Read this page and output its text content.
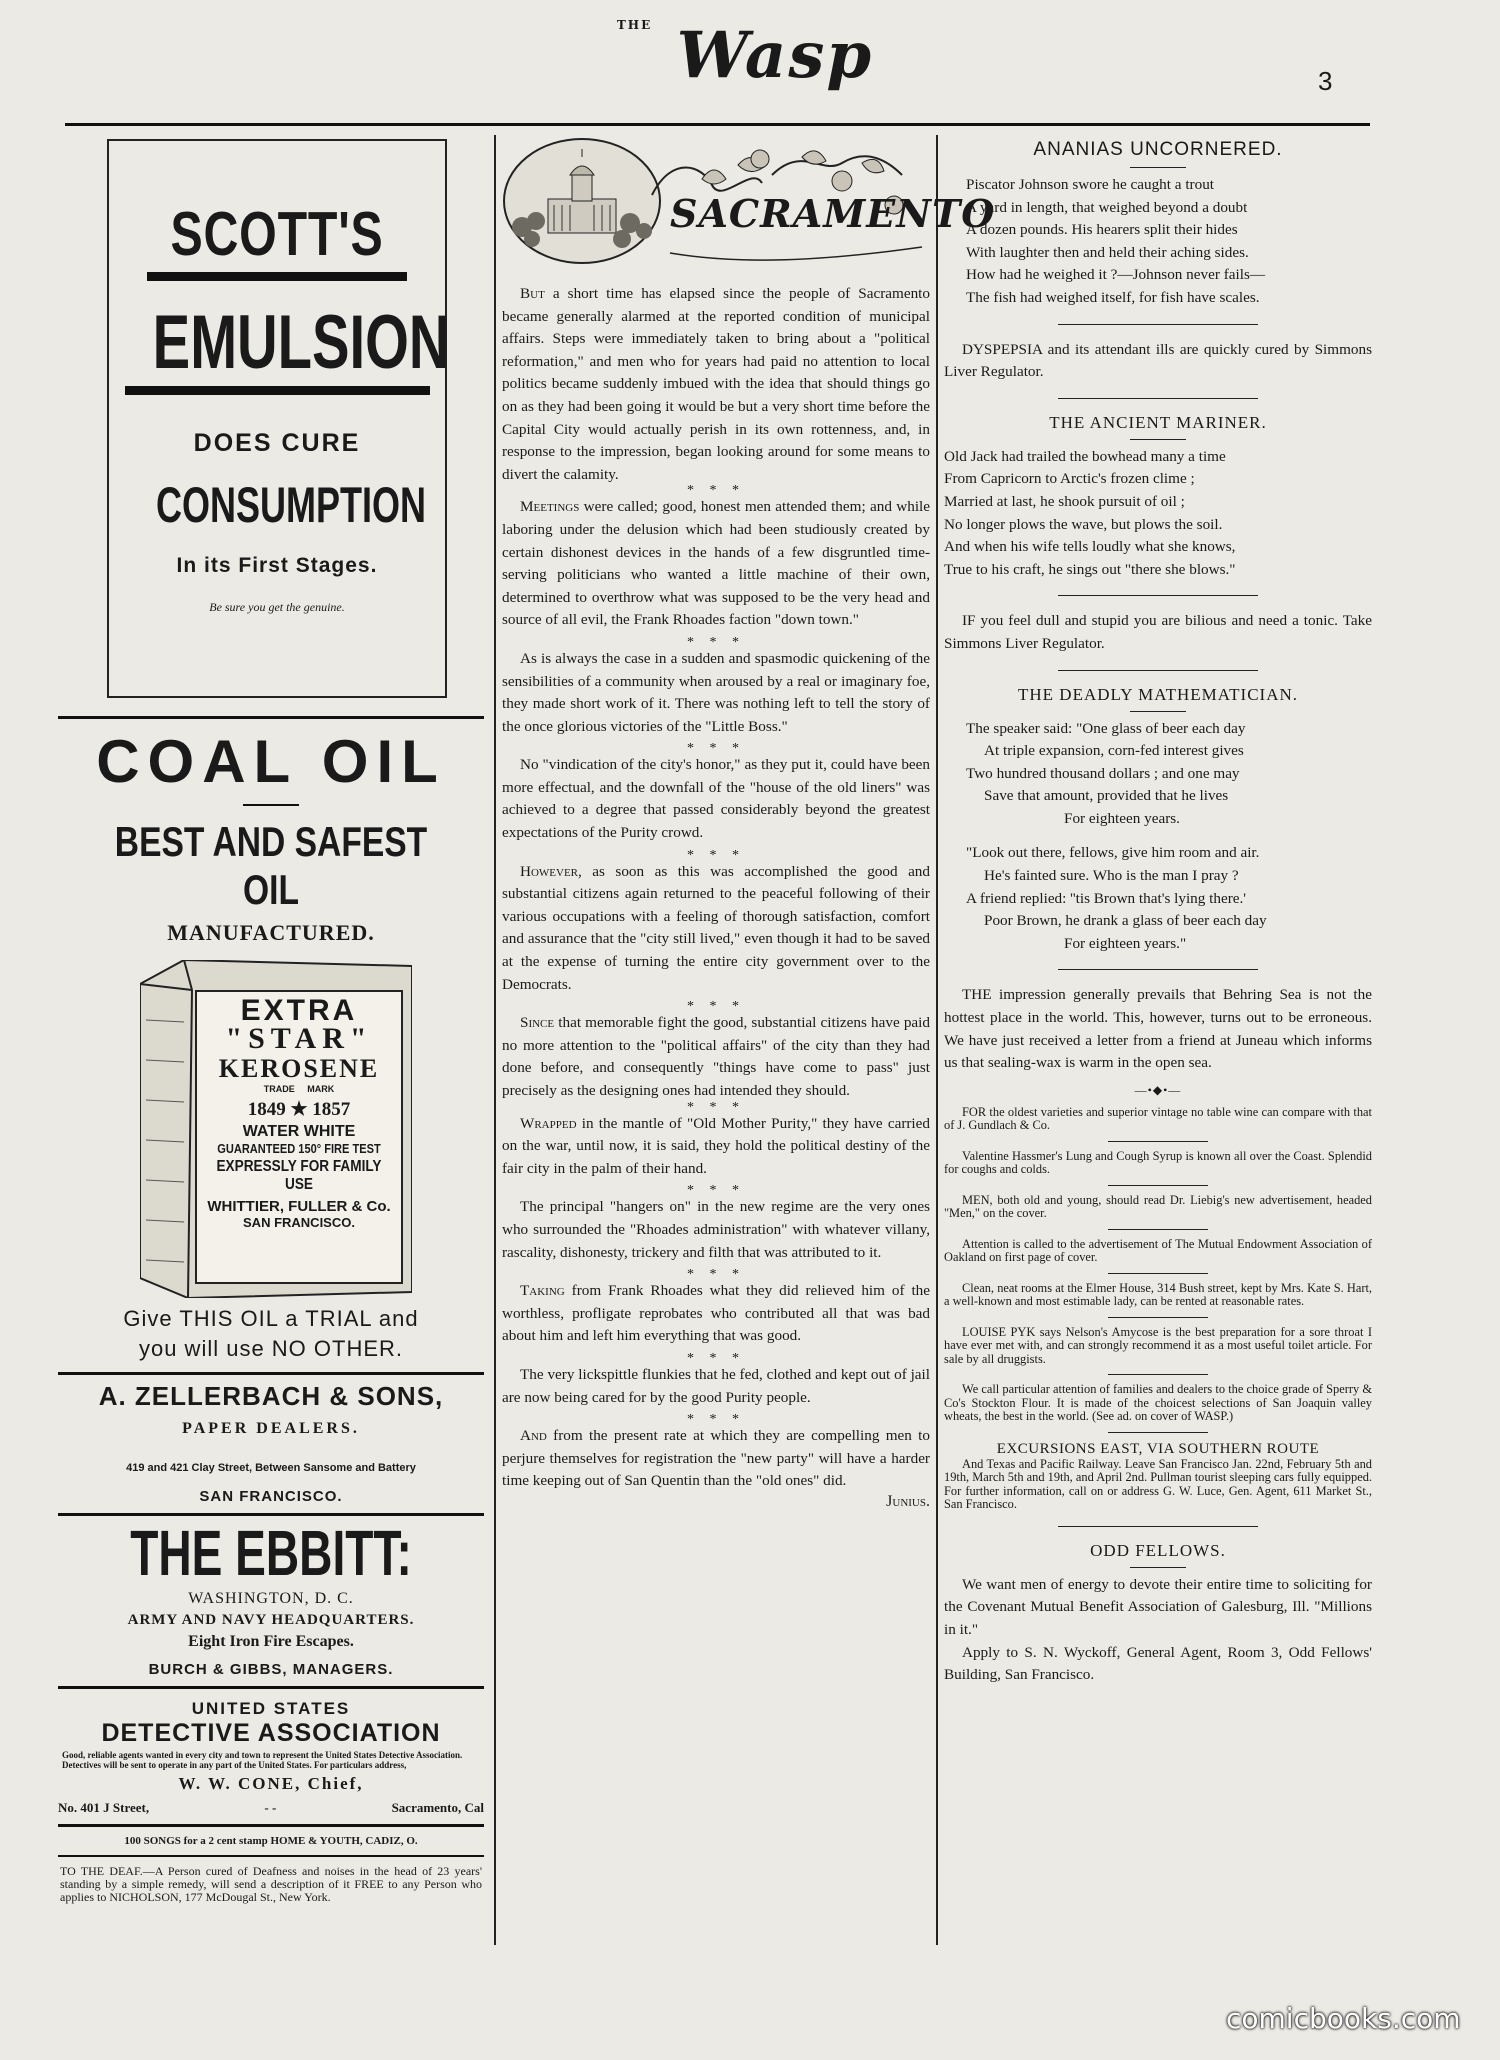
$^{THE}$ Wasp	3
SCOTT'S
EMULSION
DOES CURE
CONSUMPTION
In its First Stages.
Be sure you get the genuine.
COAL OIL
BEST AND SAFEST OIL
MANUFACTURED.
EXTRA
"STAR"
KEROSENE
TRADE MARK
1849 ★ 1857
WATER WHITE
GUARANTEED 150° FIRE TEST
EXPRESSLY FOR FAMILY USE
WHITTIER, FULLER & Co.
SAN FRANCISCO.
Give THIS OIL a TRIAL and
you will use NO OTHER.
A. ZELLERBACH & SONS,
PAPER DEALERS.
419 and 421 Clay Street, Between Sansome and Battery
SAN FRANCISCO.
THE EBBITT:
WASHINGTON, D. C.
ARMY AND NAVY HEADQUARTERS.
Eight Iron Fire Escapes.
BURCH & GIBBS, MANAGERS.
UNITED STATES
DETECTIVE ASSOCIATION
Good, reliable agents wanted in every city and town to represent the United States Detective Association. Detectives will be sent to operate in any part of the United States. For particulars address,
W. W. CONE, Chief,
No. 401 J Street,	- -	Sacramento, Cal
100 SONGS for a 2 cent stamp HOME & YOUTH, CADIZ, O.
TO THE DEAF.—A Person cured of Deafness and noises in the head of 23 years' standing by a simple remedy, will send a description of it FREE to any Person who applies to NICHOLSON, 177 McDougal St., New York.
SACRAMENTO

But a short time has elapsed since the people of Sacramento became generally alarmed at the reported condition of municipal affairs. Steps were immediately taken to bring about a "political reformation," and men who for years had paid no attention to local politics became suddenly imbued with the idea that should things go on as they had been going it would be but a very short time before the Capital City would actually perish in its own rottenness, and, in response to the impression, began looking around for some means to divert the calamity.

* * *

Meetings were called; good, honest men attended them; and while laboring under the delusion which had been studiously created by certain dishonest devices in the hands of a few disgruntled time-serving politicians who wanted a little machine of their own, determined to overthrow what was supposed to be the very head and source of all evil, the Frank Rhoades faction "down town."

* * *

As is always the case in a sudden and spasmodic quickening of the sensibilities of a community when aroused by a real or imaginary foe, they made short work of it. There was nothing left to tell the story of the once glorious victories of the "Little Boss."

* * *

No "vindication of the city's honor," as they put it, could have been more effectual, and the downfall of the "house of the old liners" was achieved to a degree that passed considerably beyond the greatest expectations of the Purity crowd.

* * *

However, as soon as this was accomplished the good and substantial citizens again returned to the peaceful following of their various occupations with a feeling of thorough satisfaction, comfort and assurance that the "city still lived," even though it had to be saved at the expense of turning the entire city government over to the Democrats.

* * *

Since that memorable fight the good, substantial citizens have paid no more attention to the "political affairs" of the city than they had done before, and consequently "things have come to pass" just precisely as the designing ones had intended they should.

* * *

Wrapped in the mantle of "Old Mother Purity," they have carried on the war, until now, it is said, they hold the political destiny of the fair city in the palm of their hand.

* * *

The principal "hangers on" in the new regime are the very ones who surrounded the "Rhoades administration" with whatever villany, rascality, dishonesty, trickery and filth that was attributed to it.

* * *

Taking from Frank Rhoades what they did relieved him of the worthless, profligate reprobates who contributed all that was bad about him and left him everything that was good.

* * *

The very lickspittle flunkies that he fed, clothed and kept out of jail are now being cared for by the good Purity people.

* * *

And from the present rate at which they are compelling men to perjure themselves for registration the "new party" will have a harder time keeping out of San Quentin than the "old ones" did.

Junius.
ANANIAS UNCORNERED.
Piscator Johnson swore he caught a trout
A yard in length, that weighed beyond a doubt
A dozen pounds. His hearers split their hides
With laughter then and held their aching sides.
How had he weighed it ?—Johnson never fails—
The fish had weighed itself, for fish have scales.

DYSPEPSIA and its attendant ills are quickly cured by Simmons Liver Regulator.

THE ANCIENT MARINER.
Old Jack had trailed the bowhead many a time
From Capricorn to Arctic's frozen clime ;
Married at last, he shook pursuit of oil ;
No longer plows the wave, but plows the soil.
And when his wife tells loudly what she knows,
True to his craft, he sings out "there she blows."

IF you feel dull and stupid you are bilious and need a tonic. Take Simmons Liver Regulator.

THE DEADLY MATHEMATICIAN.
The speaker said: "One glass of beer each day
At triple expansion, corn-fed interest gives
Two hundred thousand dollars ; and one may
Save that amount, provided that he lives
For eighteen years.
"Look out there, fellows, give him room and air.
He's fainted sure. Who is the man I pray ?
A friend replied: ''tis Brown that's lying there.'
Poor Brown, he drank a glass of beer each day
For eighteen years."

THE impression generally prevails that Behring Sea is not the hottest place in the world. This, however, turns out to be erroneous. We have just received a letter from a friend at Juneau which informs us that sealing-wax is warm in the open sea.

—•◆•—

FOR the oldest varieties and superior vintage no table wine can compare with that of J. Gundlach & Co.

Valentine Hassmer's Lung and Cough Syrup is known all over the Coast. Splendid for coughs and colds.

MEN, both old and young, should read Dr. Liebig's new advertisement, headed "Men," on the cover.

Attention is called to the advertisement of The Mutual Endowment Association of Oakland on first page of cover.

Clean, neat rooms at the Elmer House, 314 Bush street, kept by Mrs. Kate S. Hart, a well-known and most estimable lady, can be rented at reasonable rates.

LOUISE PYK says Nelson's Amycose is the best preparation for a sore throat I have ever met with, and can strongly recommend it as a most useful toilet article. For sale by all druggists.

We call particular attention of families and dealers to the choice grade of Sperry & Co's Stockton Flour. It is made of the choicest selections of San Joaquin valley wheats, the best in the world. (See ad. on cover of WASP.)

EXCURSIONS EAST, VIA SOUTHERN ROUTE

And Texas and Pacific Railway. Leave San Francisco Jan. 22nd, February 5th and 19th, March 5th and 19th, and April 2nd. Pullman tourist sleeping cars fully equipped. For further information, call on or address G. W. Luce, Gen. Agent, 611 Market St., San Francisco.

ODD FELLOWS.

We want men of energy to devote their entire time to soliciting for the Covenant Mutual Benefit Association of Galesburg, Ill. "Millions in it."

Apply to S. N. Wyckoff, General Agent, Room 3, Odd Fellows' Building, San Francisco.

comicbooks.com
